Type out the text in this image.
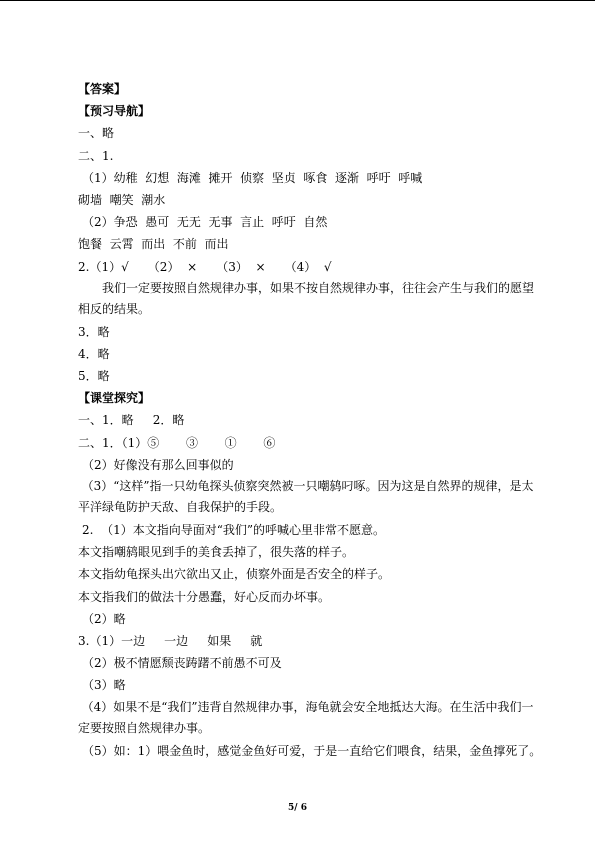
【答案】
【预习导航】
一、略
二、1.
（1）幼稚  幻想  海滩  摊开  侦察  坚贞  啄食  逐渐  呼吁  呼喊
砌墙  嘲笑  潮水
（2）争恐  愚可  无无  无事  言止  呼吁  自然
饱餐  云霄  而出  不前  而出
2.（1）√     （2）  ×     （3）  ×     （4）  √
我们一定要按照自然规律办事，如果不按自然规律办事，往往会产生与我们的愿望相反的结果。
3．略
4．略
5．略
【课堂探究】
一、1．略     2．略
二、1．（1）⑤       ③       ①       ⑥
（2）好像没有那么回事似的
（3）“这样”指一只幼龟探头侦察突然被一只嘲鸫叼啄。因为这是自然界的规律，是太平洋绿龟防护天敌、自我保护的手段。
2.  （1）本文指向导面对“我们”的呼喊心里非常不愿意。
本文指嘲鸫眼见到手的美食丢掉了，很失落的样子。
本文指幼龟探头出穴欲出又止，侦察外面是否安全的样子。
本文指我们的做法十分愚蠢，好心反而办坏事。
（2）略
3.（1）一边     一边     如果     就
（2）极不情愿颓丧踌躇不前愚不可及
（3）略
（4）如果不是“我们”违背自然规律办事，海龟就会安全地抵达大海。在生活中我们一定要按照自然规律办事。
（5）如：1）喂金鱼时，感觉金鱼好可爱，于是一直给它们喂食，结果，金鱼撑死了。
5/ 6
